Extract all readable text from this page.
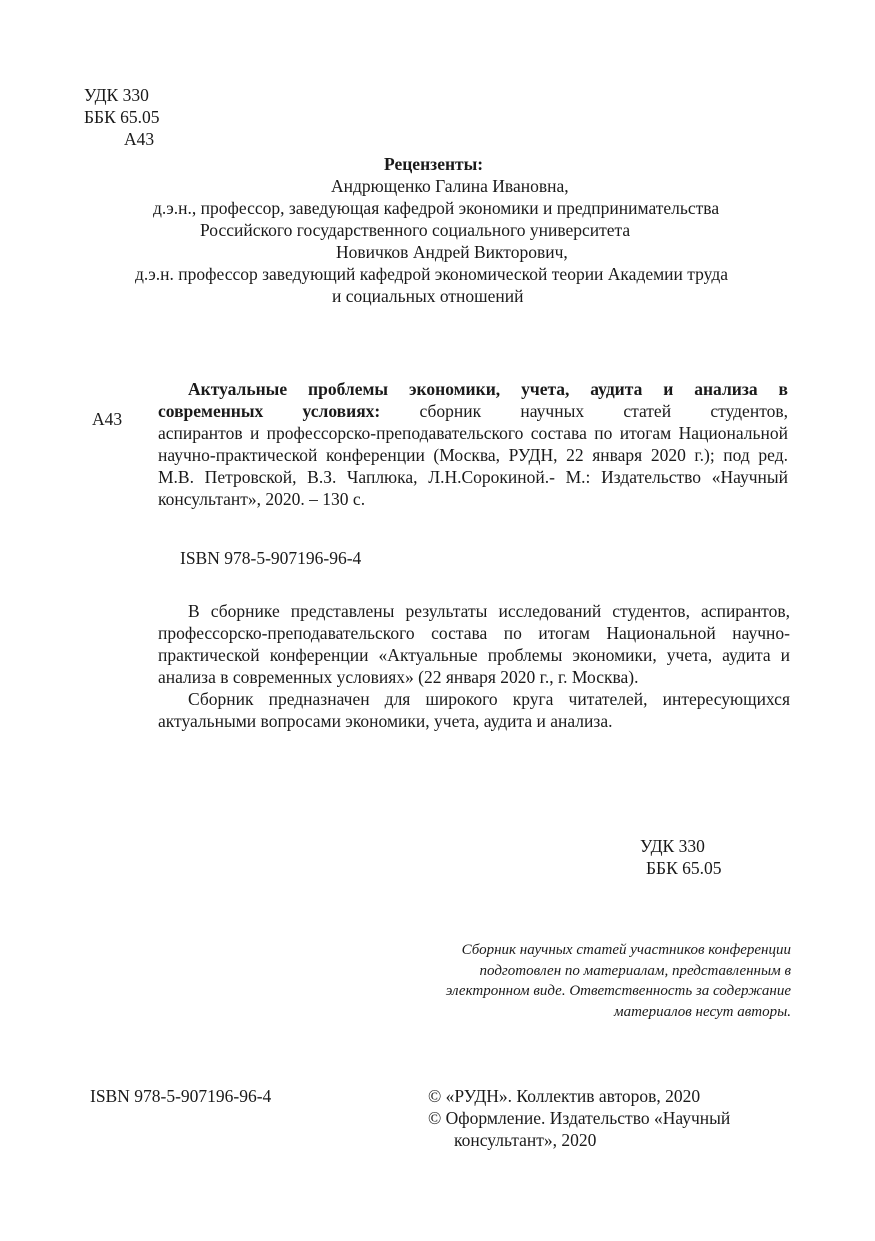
УДК 330
ББК 65.05
А43
Рецензенты:
Андрющенко Галина Ивановна,
д.э.н., профессор, заведующая кафедрой экономики и предпринимательства
Российского государственного социального университета
Новичков Андрей Викторович,
д.э.н. профессор заведующий кафедрой экономической теории Академии труда
и социальных отношений
А43
Актуальные проблемы экономики, учета, аудита и анализа в
современных условиях: сборник научных статей студентов,
аспирантов и профессорско-преподавательского состава по итогам Национальной научно-практической конференции (Москва, РУДН, 22 января 2020 г.); под ред. М.В. Петровской, В.З. Чаплюка, Л.Н.Сорокиной.- М.: Издательство «Научный консультант», 2020. – 130 с.
ISBN 978-5-907196-96-4

В сборнике представлены результаты исследований студентов, аспирантов, профессорско-преподавательского состава по итогам Национальной научно-практической конференции «Актуальные проблемы экономики, учета, аудита и анализа в современных условиях» (22 января 2020 г., г. Москва).

Сборник предназначен для широкого круга читателей, интересующихся актуальными вопросами экономики, учета, аудита и анализа.

УДК 330
ББК 65.05
Сборник научных статей участников конференции
подготовлен по материалам, представленным в
электронном виде. Ответственность за содержание
материалов несут авторы.
ISBN 978-5-907196-96-4	© «РУДН». Коллектив авторов, 2020

© Оформление. Издательство «Научный

консультант», 2020
